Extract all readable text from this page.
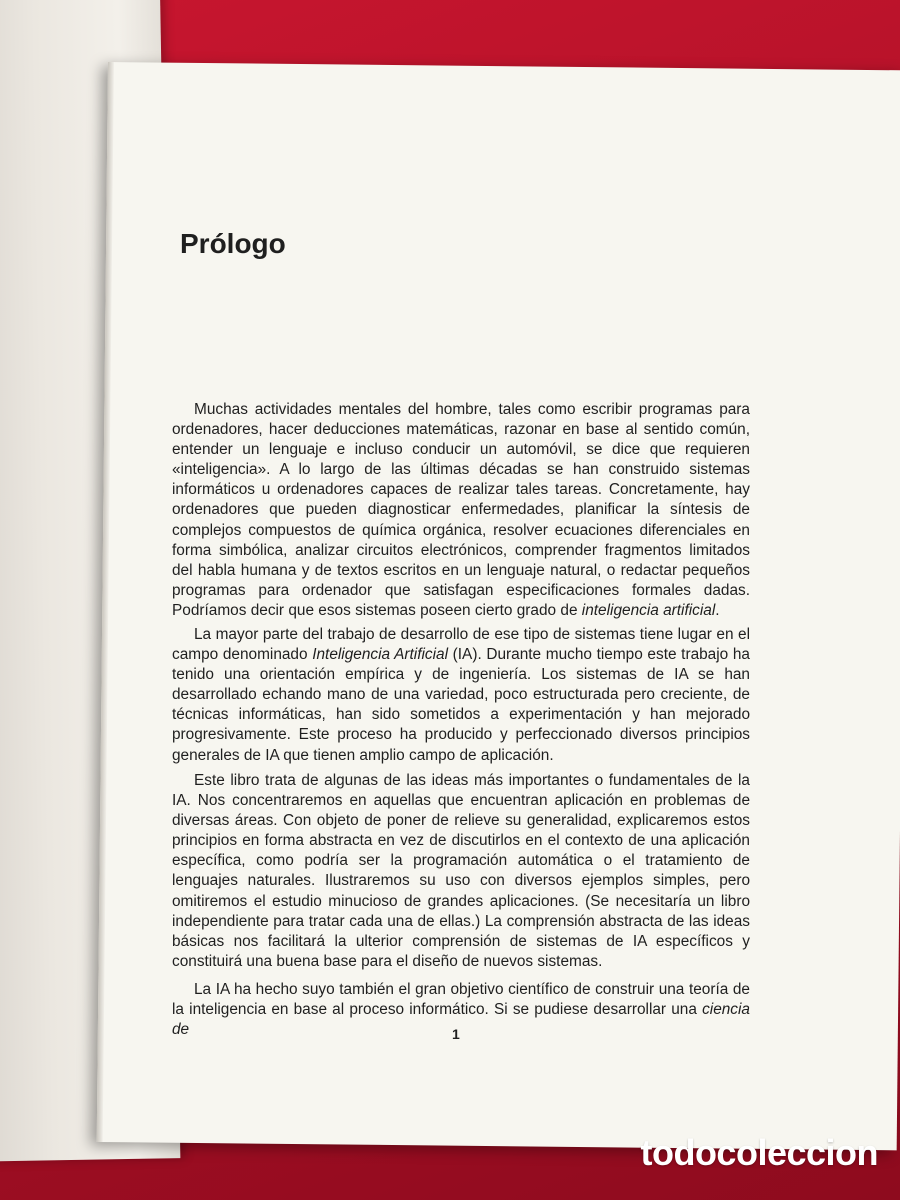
Prólogo

Muchas actividades mentales del hombre, tales como escribir programas para ordenadores, hacer deducciones matemáticas, razonar en base al sentido común, entender un lenguaje e incluso conducir un automóvil, se dice que requieren «inteligencia». A lo largo de las últimas décadas se han construido sistemas informáticos u ordenadores capaces de realizar tales tareas. Concretamente, hay ordenadores que pueden diagnosticar enfermedades, planificar la síntesis de complejos compuestos de química orgánica, resolver ecuaciones diferenciales en forma simbólica, analizar circuitos electrónicos, comprender fragmentos limitados del habla humana y de textos escritos en un lenguaje natural, o redactar pequeños programas para ordenador que satisfagan especificaciones formales dadas. Podríamos decir que esos sistemas poseen cierto grado de inteligencia artificial.

La mayor parte del trabajo de desarrollo de ese tipo de sistemas tiene lugar en el campo denominado Inteligencia Artificial (IA). Durante mucho tiempo este trabajo ha tenido una orientación empírica y de ingeniería. Los sistemas de IA se han desarrollado echando mano de una variedad, poco estructurada pero creciente, de técnicas informáticas, han sido sometidos a experimentación y han mejorado progresivamente. Este proceso ha producido y perfeccionado diversos principios generales de IA que tienen amplio campo de aplicación.

Este libro trata de algunas de las ideas más importantes o fundamentales de la IA. Nos concentraremos en aquellas que encuentran aplicación en problemas de diversas áreas. Con objeto de poner de relieve su generalidad, explicaremos estos principios en forma abstracta en vez de discutirlos en el contexto de una aplicación específica, como podría ser la programación automática o el tratamiento de lenguajes naturales. Ilustraremos su uso con diversos ejemplos simples, pero omitiremos el estudio minucioso de grandes aplicaciones. (Se necesitaría un libro independiente para tratar cada una de ellas.) La comprensión abstracta de las ideas básicas nos facilitará la ulterior comprensión de sistemas de IA específicos y constituirá una buena base para el diseño de nuevos sistemas.

La IA ha hecho suyo también el gran objetivo científico de construir una teoría de la inteligencia en base al proceso informático. Si se pudiese desarrollar una ciencia de	1
todocoleccion
